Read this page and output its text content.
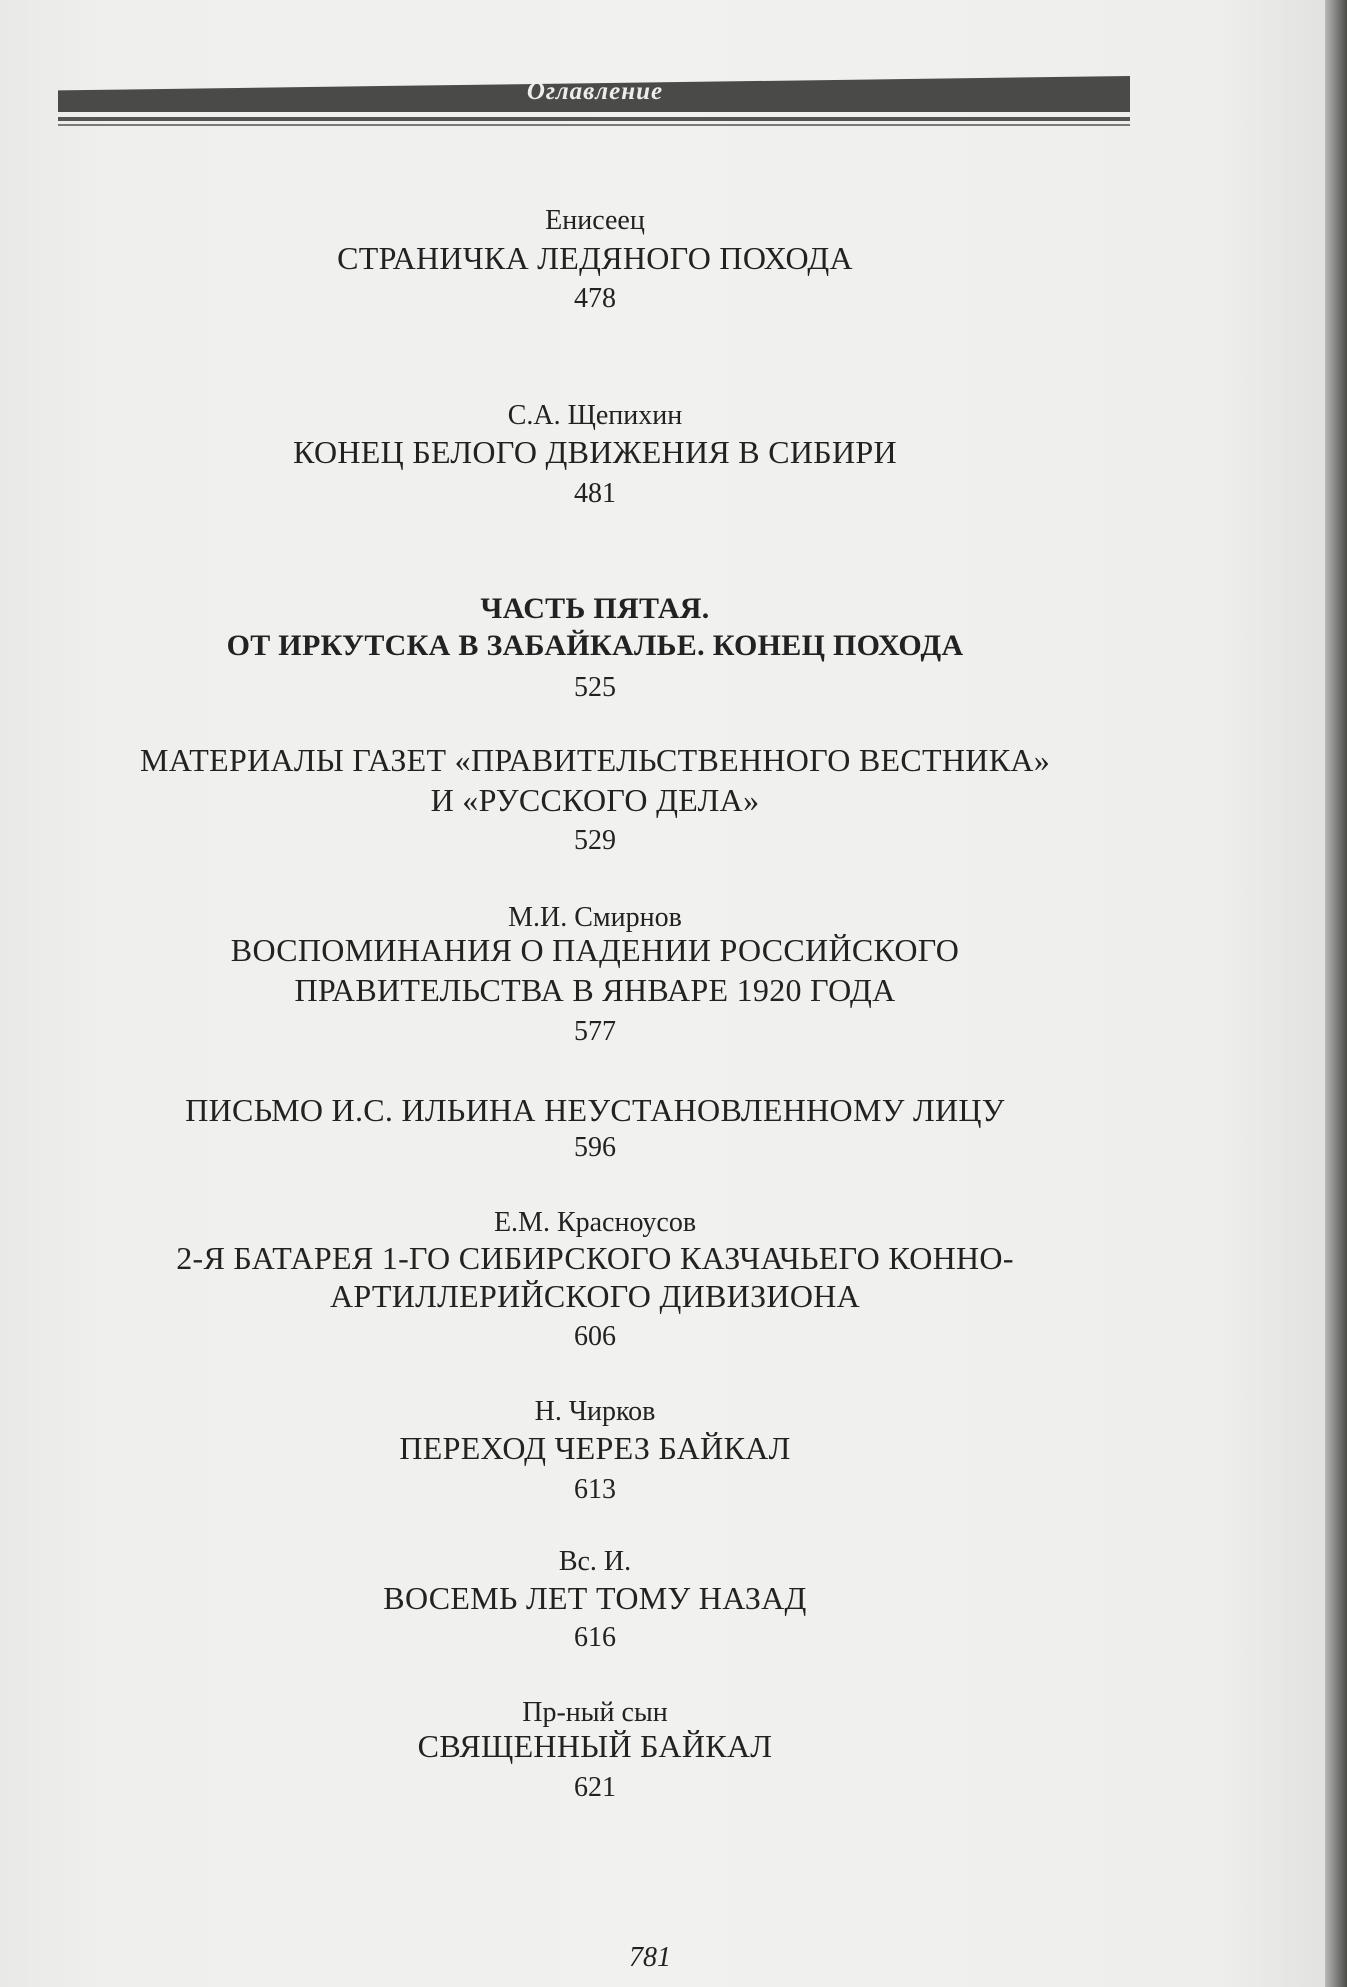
Оглавление
Енисеец
СТРАНИЧКА ЛЕДЯНОГО ПОХОДА
478
С.А. Щепихин
КОНЕЦ БЕЛОГО ДВИЖЕНИЯ В СИБИРИ
481
ЧАСТЬ ПЯТАЯ.
ОТ ИРКУТСКА В ЗАБАЙКАЛЬЕ. КОНЕЦ ПОХОДА
525
МАТЕРИАЛЫ ГАЗЕТ «ПРАВИТЕЛЬСТВЕННОГО ВЕСТНИКА»
И «РУССКОГО ДЕЛА»
529
М.И. Смирнов
ВОСПОМИНАНИЯ О ПАДЕНИИ РОССИЙСКОГО
ПРАВИТЕЛЬСТВА В ЯНВАРЕ 1920 ГОДА
577
ПИСЬМО И.С. ИЛЬИНА НЕУСТАНОВЛЕННОМУ ЛИЦУ
596
Е.М. Красноусов
2-Я БАТАРЕЯ 1-ГО СИБИРСКОГО КАЗЧАЧЬЕГО КОННО-
АРТИЛЛЕРИЙСКОГО ДИВИЗИОНА
606
Н. Чирков
ПЕРЕХОД ЧЕРЕЗ БАЙКАЛ
613
Вс. И.
ВОСЕМЬ ЛЕТ ТОМУ НАЗАД
616
Пр-ный сын
СВЯЩЕННЫЙ БАЙКАЛ
621
781
